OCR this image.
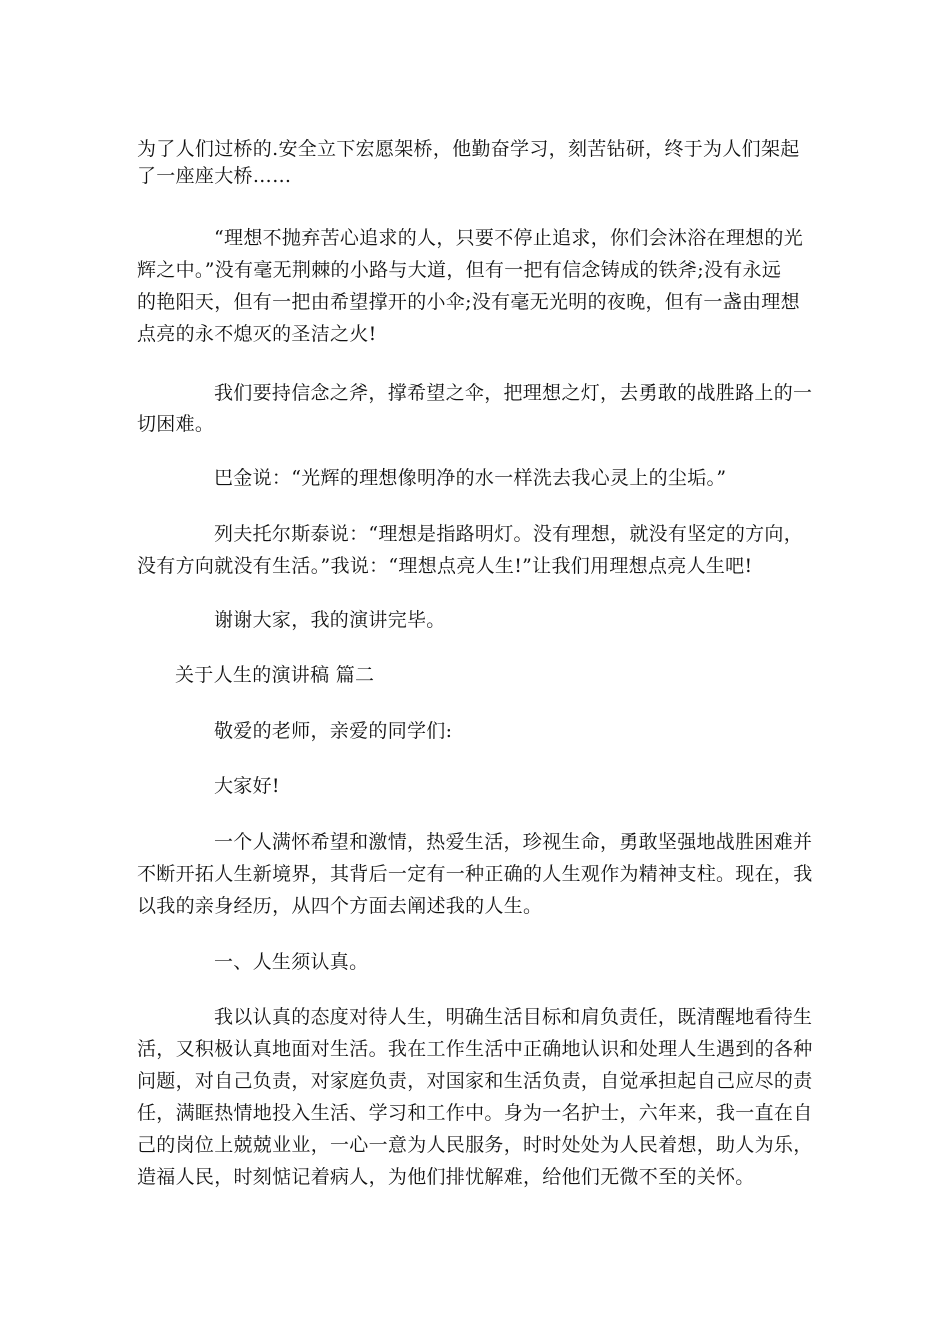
为了人们过桥的.安全立下宏愿架桥，他勤奋学习，刻苦钻研，终于为人们架起
了一座座大桥……
“理想不抛弃苦心追求的人，只要不停止追求，你们会沐浴在理想的光
辉之中。”没有毫无荆棘的小路与大道，但有一把有信念铸成的铁斧;没有永远
的艳阳天，但有一把由希望撑开的小伞;没有毫无光明的夜晚，但有一盏由理想
点亮的永不熄灭的圣洁之火!
我们要持信念之斧，撑希望之伞，把理想之灯，去勇敢的战胜路上的一
切困难。
巴金说：“光辉的理想像明净的水一样洗去我心灵上的尘垢。”
列夫托尔斯泰说：“理想是指路明灯。没有理想，就没有坚定的方向，
没有方向就没有生活。”我说：“理想点亮人生!”让我们用理想点亮人生吧!
谢谢大家，我的演讲完毕。
关于人生的演讲稿 篇二
敬爱的老师，亲爱的同学们:
大家好!
一个人满怀希望和激情，热爱生活，珍视生命，勇敢坚强地战胜困难并
不断开拓人生新境界，其背后一定有一种正确的人生观作为精神支柱。现在，我
以我的亲身经历，从四个方面去阐述我的人生。
一、人生须认真。
我以认真的态度对待人生，明确生活目标和肩负责任，既清醒地看待生
活，又积极认真地面对生活。我在工作生活中正确地认识和处理人生遇到的各种
问题，对自己负责，对家庭负责，对国家和生活负责，自觉承担起自己应尽的责
任，满眶热情地投入生活、学习和工作中。身为一名护士，六年来，我一直在自
己的岗位上兢兢业业，一心一意为人民服务，时时处处为人民着想，助人为乐，
造福人民，时刻惦记着病人，为他们排忧解难，给他们无微不至的关怀。
